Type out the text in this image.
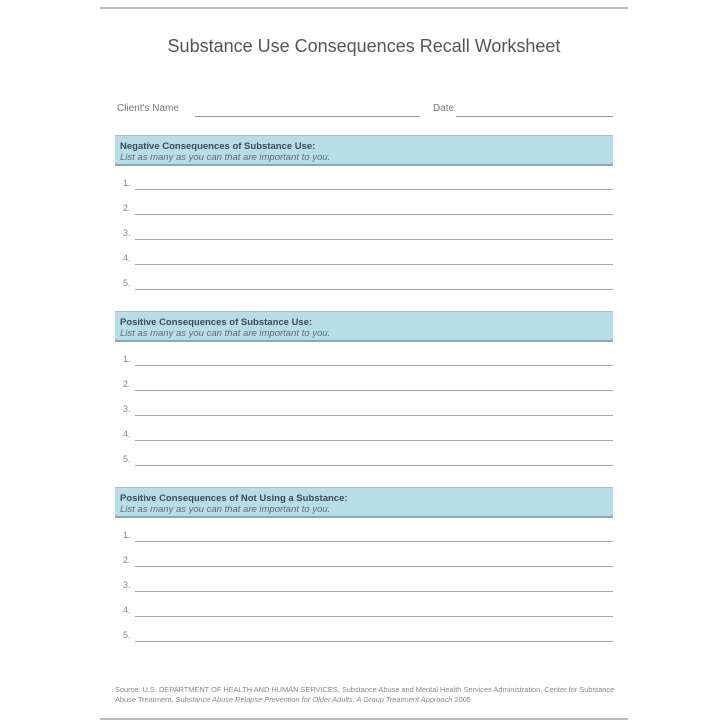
Substance Use Consequences Recall Worksheet
Client's Name	Date
Negative Consequences of Substance Use:
List as many as you can that are important to you.
1.
2.
3.
4.
5.
Positive Consequences of Substance Use:
List as many as you can that are important to you.
1.
2.
3.
4.
5.
Positive Consequences of Not Using a Substance:
List as many as you can that are important to you.
1.
2.
3.
4.
5.
Source: U.S. DEPARTMENT OF HEALTH AND HUMAN SERVICES, Substance Abuse and Mental Health Services Administration, Center for Substance Abuse Treatment, Substance Abuse Relapse Prevention for Older Adults: A Group Treatment Approach 2005
